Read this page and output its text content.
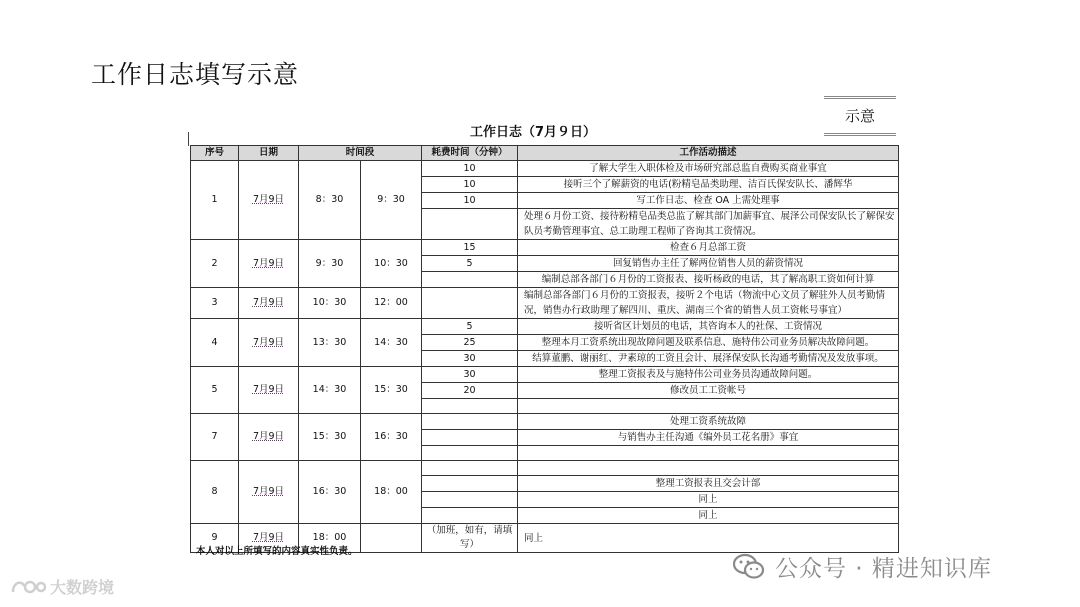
工作日志填写示意
示意
工作日志（7月９日）
序号	日期	时间段		耗费时间（分钟）	工作活动描述
1	7月9日	8：30	9：30	10	了解大学生入职体检及市场研究部总监自费购买商业事宜
				10	接听三个了解薪资的电话(粉精皂品类助理、洁百氏保安队长、潘辉华
				10	写工作日志、检查 OA 上需处理事
					处理６月份工资、接待粉精皂品类总监了解其部门加薪事宜、展泽公司保安队长了解保安队员考勤管理事宜、总工助理工程师了咨询其工资情况。

2	7月9日	9：30	10：30	15	检查６月总部工资
				5	回复销售办主任了解两位销售人员的薪资情况
					编制总部各部门６月份的工资报表、接听杨政的电话，其了解高职工资如何计算
3	7月9日	10：30	12：00		编制总部各部门６月份的工资报表，接听２个电话（物流中心文员了解驻外人员考勤情况，销售办行政助理了解四川、重庆、湖南三个省的销售人员工资帐号事宜）

4	7月9日	13：30	14：30	5	接听省区计划员的电话，其咨询本人的社保、工资情况
				25	整理本月工资系统出现故障问题及联系信息、施特伟公司业务员解决故障问题。
				30	结算董鹏、谢丽红、尹素琼的工资且会计、展泽保安队长沟通考勤情况及发放事项。
5	7月9日	14：30	15：30	30	整理工资报表及与施特伟公司业务员沟通故障问题。
				20	修改员工工资帐号

7	7月9日	15：30	16：30		处理工资系统故障
					与销售办主任沟通《编外员工花名册》事宜

8	7月9日	16：30	18：00		
					整理工资报表且交会计部
					同上
					同上
9	7月9日	18：00		（加班，如有，请填写）	同上

本人对以上所填写的内容真实性负责。
公众号 · 精进知识库
大数跨境
